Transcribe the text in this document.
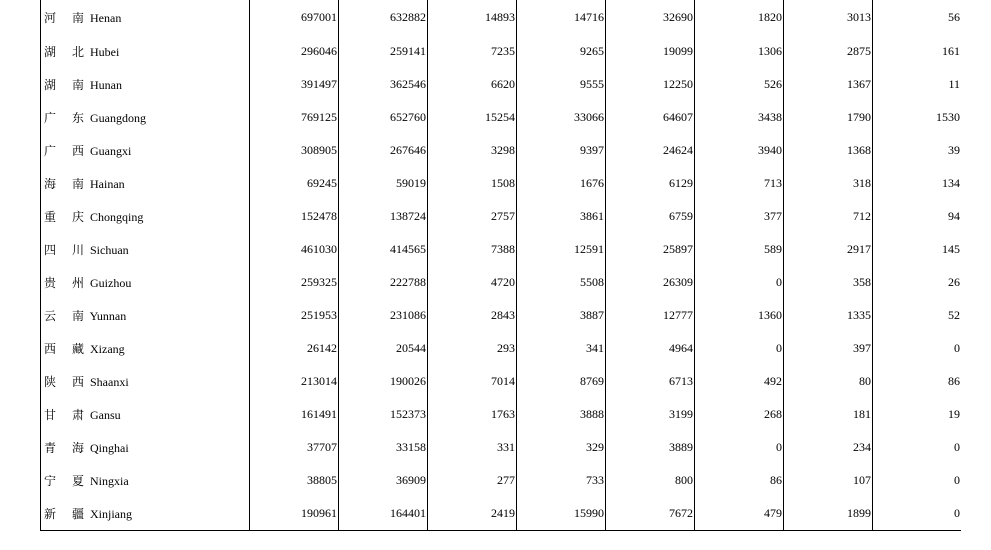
河 南 Henan	697001	632882	14893	14716	32690	1820	3013	56
湖 北 Hubei	296046	259141	7235	9265	19099	1306	2875	161
湖 南 Hunan	391497	362546	6620	9555	12250	526	1367	11
广 东 Guangdong	769125	652760	15254	33066	64607	3438	1790	1530
广 西 Guangxi	308905	267646	3298	9397	24624	3940	1368	39
海 南 Hainan	69245	59019	1508	1676	6129	713	318	134
重 庆 Chongqing	152478	138724	2757	3861	6759	377	712	94
四 川 Sichuan	461030	414565	7388	12591	25897	589	2917	145
贵 州 Guizhou	259325	222788	4720	5508	26309	0	358	26
云 南 Yunnan	251953	231086	2843	3887	12777	1360	1335	52
西 藏 Xizang	26142	20544	293	341	4964	0	397	0
陕 西 Shaanxi	213014	190026	7014	8769	6713	492	80	86
甘 肃 Gansu	161491	152373	1763	3888	3199	268	181	19
青 海 Qinghai	37707	33158	331	329	3889	0	234	0
宁 夏 Ningxia	38805	36909	277	733	800	86	107	0
新 疆 Xinjiang	190961	164401	2419	15990	7672	479	1899	0
